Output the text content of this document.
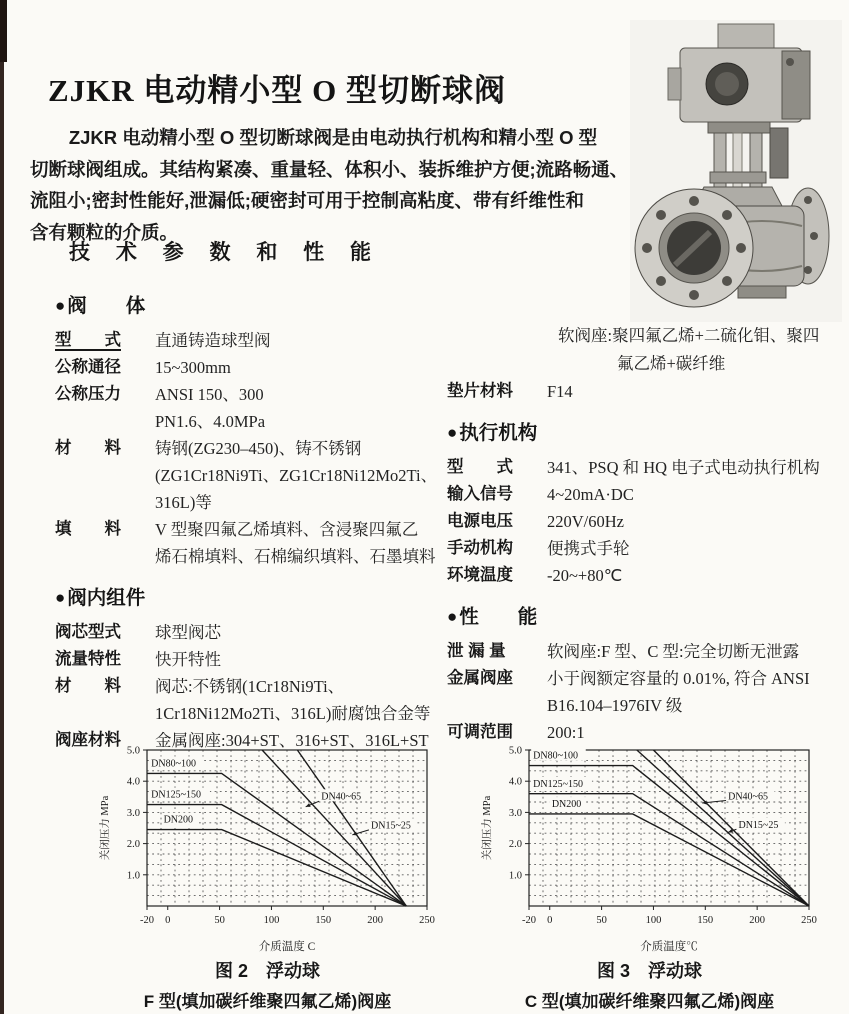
ZJKR 电动精小型 O 型切断球阀
ZJKR 电动精小型 O 型切断球阀是由电动执行机构和精小型 O 型
切断球阀组成。其结构紧凑、重量轻、体积小、装拆维护方便;流路畅通、
流阻小;密封性能好,泄漏低;硬密封可用于控制高粘度、带有纤维性和
含有颗粒的介质。
技 术 参 数 和 性 能
● 阀　　体
型　　式	直通铸造球型阀
公称通径	15~300mm
公称压力	ANSI 150、300
PN1.6、4.0MPa
材　　料	铸钢(ZG230–450)、铸不锈钢
(ZG1Cr18Ni9Ti、ZG1Cr18Ni12Mo2Ti、
316L)等
填　　料	V 型聚四氟乙烯填料、含浸聚四氟乙
烯石棉填料、石棉编织填料、石墨填料
● 阀内组件
阀芯型式	球型阀芯
流量特性	快开特性
材　　料	阀芯:不锈钢(1Cr18Ni9Ti、
1Cr18Ni12Mo2Ti、316L)耐腐蚀合金等
阀座材料	金属阀座:304+ST、316+ST、316L+ST
软阀座:聚四氟乙烯+二硫化钼、聚四
氟乙烯+碳纤维
垫片材料	F14
● 执行机构
型　　式	341、PSQ 和 HQ 电子式电动执行机构
输入信号	4~20mA·DC
电源电压	220V/60Hz
手动机构	便携式手轮
环境温度	-20~+80℃
● 性　　能
泄 漏 量	软阀座:F 型、C 型:完全切断无泄露
金属阀座	小于阀额定容量的 0.01%, 符合 ANSI
B16.104–1976IV 级
可调范围	200:1
-20 0	50	100	150	200	250
1.0
2.0
3.0
4.0
5.0
介质温度 C
关闭压力 MPa
DN80~100
DN125~150
DN200
DN40~65
DN15~25
图 2　浮动球
F 型(填加碳纤维聚四氟乙烯)阀座
-20 0	50	100	150	200	250
1.0
2.0
3.0
4.0
5.0
介质温度℃
关闭压力 MPa
DN80~100
DN125~150
DN200
DN40~65
DN15~25
图 3　浮动球
C 型(填加碳纤维聚四氟乙烯)阀座
